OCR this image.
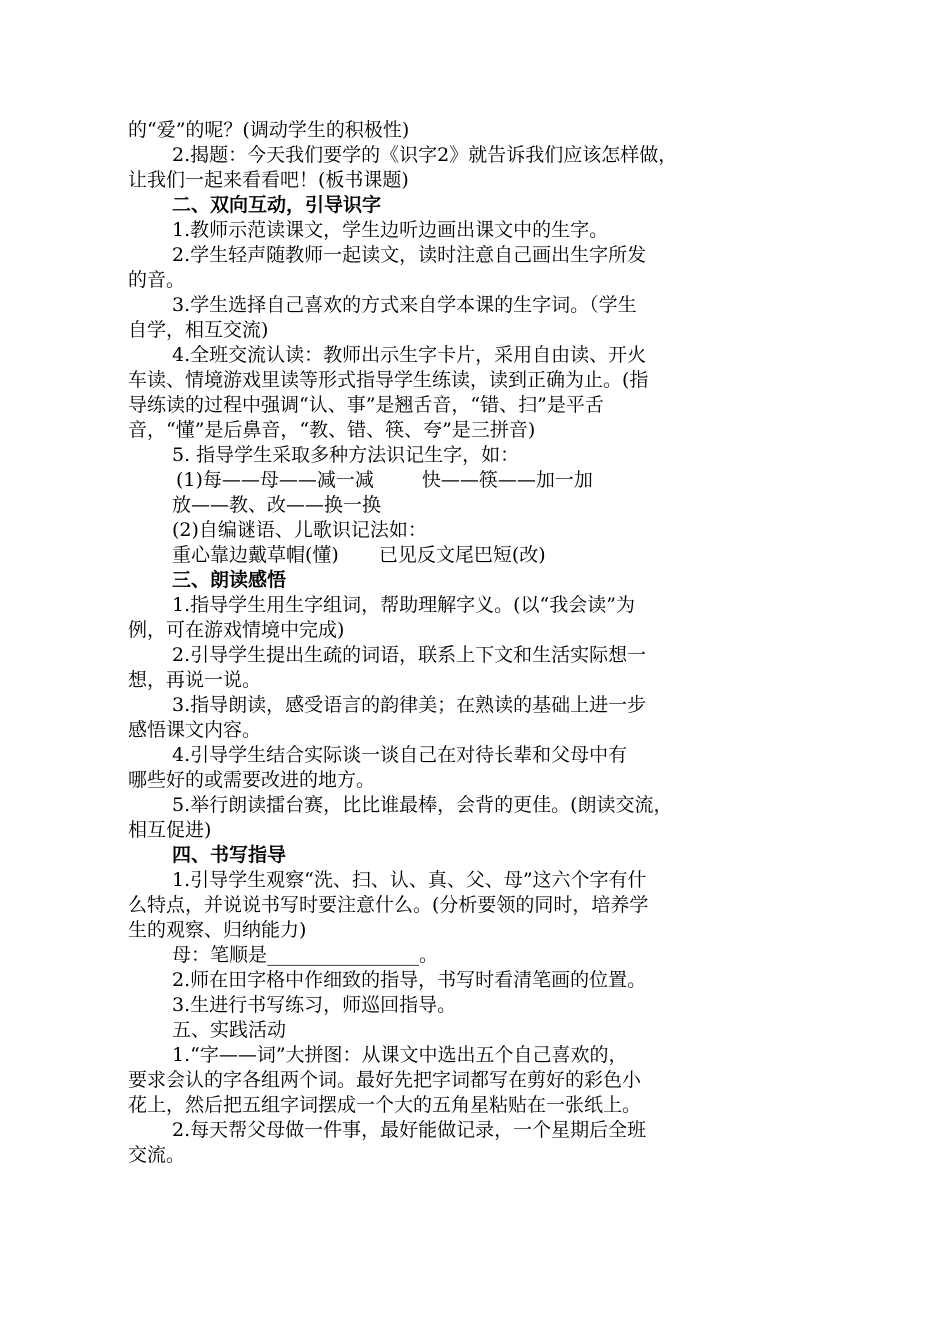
的“爱”的呢？(调动学生的积极性)
2.揭题：今天我们要学的《识字2》就告诉我们应该怎样做，
让我们一起来看看吧！(板书课题)
二、双向互动，引导识字
1.教师示范读课文，学生边听边画出课文中的生字。
2.学生轻声随教师一起读文，读时注意自己画出生字所发
的音。
3.学生选择自己喜欢的方式来自学本课的生字词。（学生
自学，相互交流)
4.全班交流认读：教师出示生字卡片，采用自由读、开火
车读、情境游戏里读等形式指导学生练读，读到正确为止。(指
导练读的过程中强调“认、事”是翘舌音，“错、扫”是平舌
音，“懂”是后鼻音，“教、错、筷、夸”是三拼音)
5. 指导学生采取多种方法识记生字，如：
(1)每——母——减一减	快——筷——加一加
放——教、改——换一换
(2)自编谜语、儿歌识记法如：
重心靠边戴草帽(懂) 已见反文尾巴短(改)
三、朗读感悟
1.指导学生用生字组词，帮助理解字义。(以“我会读”为
例，可在游戏情境中完成)
2.引导学生提出生疏的词语，联系上下文和生活实际想一
想，再说一说。
3.指导朗读，感受语言的韵律美；在熟读的基础上进一步
感悟课文内容。
4.引导学生结合实际谈一谈自己在对待长辈和父母中有
哪些好的或需要改进的地方。
5.举行朗读擂台赛，比比谁最棒，会背的更佳。(朗读交流，
相互促进)
四、书写指导
1.引导学生观察“洗、扫、认、真、父、母”这六个字有什
么特点，并说说书写时要注意什么。(分析要领的同时，培养学
生的观察、归纳能力)
母：笔顺是________________。
2.师在田字格中作细致的指导，书写时看清笔画的位置。
3.生进行书写练习，师巡回指导。
五、实践活动
1.“字——词”大拼图：从课文中选出五个自己喜欢的，
要求会认的字各组两个词。最好先把字词都写在剪好的彩色小
花上，然后把五组字词摆成一个大的五角星粘贴在一张纸上。
2.每天帮父母做一件事，最好能做记录，一个星期后全班
交流。
